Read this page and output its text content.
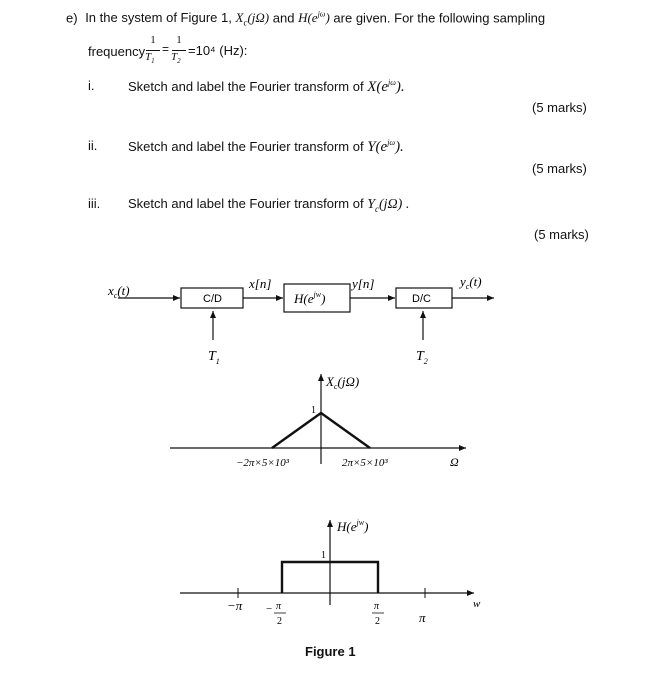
e) In the system of Figure 1, $X_c(j\Omega)$ and $H(e^{j\omega})$ are given. For the following sampling
frequency
1
$T_1$
=
1
$T_2$
=10⁴ (Hz):
i.	Sketch and label the Fourier transform of $X(e^{j\omega})$.
(5 marks)
ii. Sketch and label the Fourier transform of $Y(e^{j\omega})$.
(5 marks)
iii. Sketch and label the Fourier transform of $Y_c(j\Omega)$ .
(5 marks)
C/D	D/C
$x_c(t)$	x[n]
$H(e^{jw})$
y[n]	$y_c(t)$
$T_1$	$T_2$
$X_c(j\Omega)$
1
−2π×5×10³	2π×5×10³	Ω
$H(e^{jw})$
1
−π − π
2
π
2	π
w
Figure 1
